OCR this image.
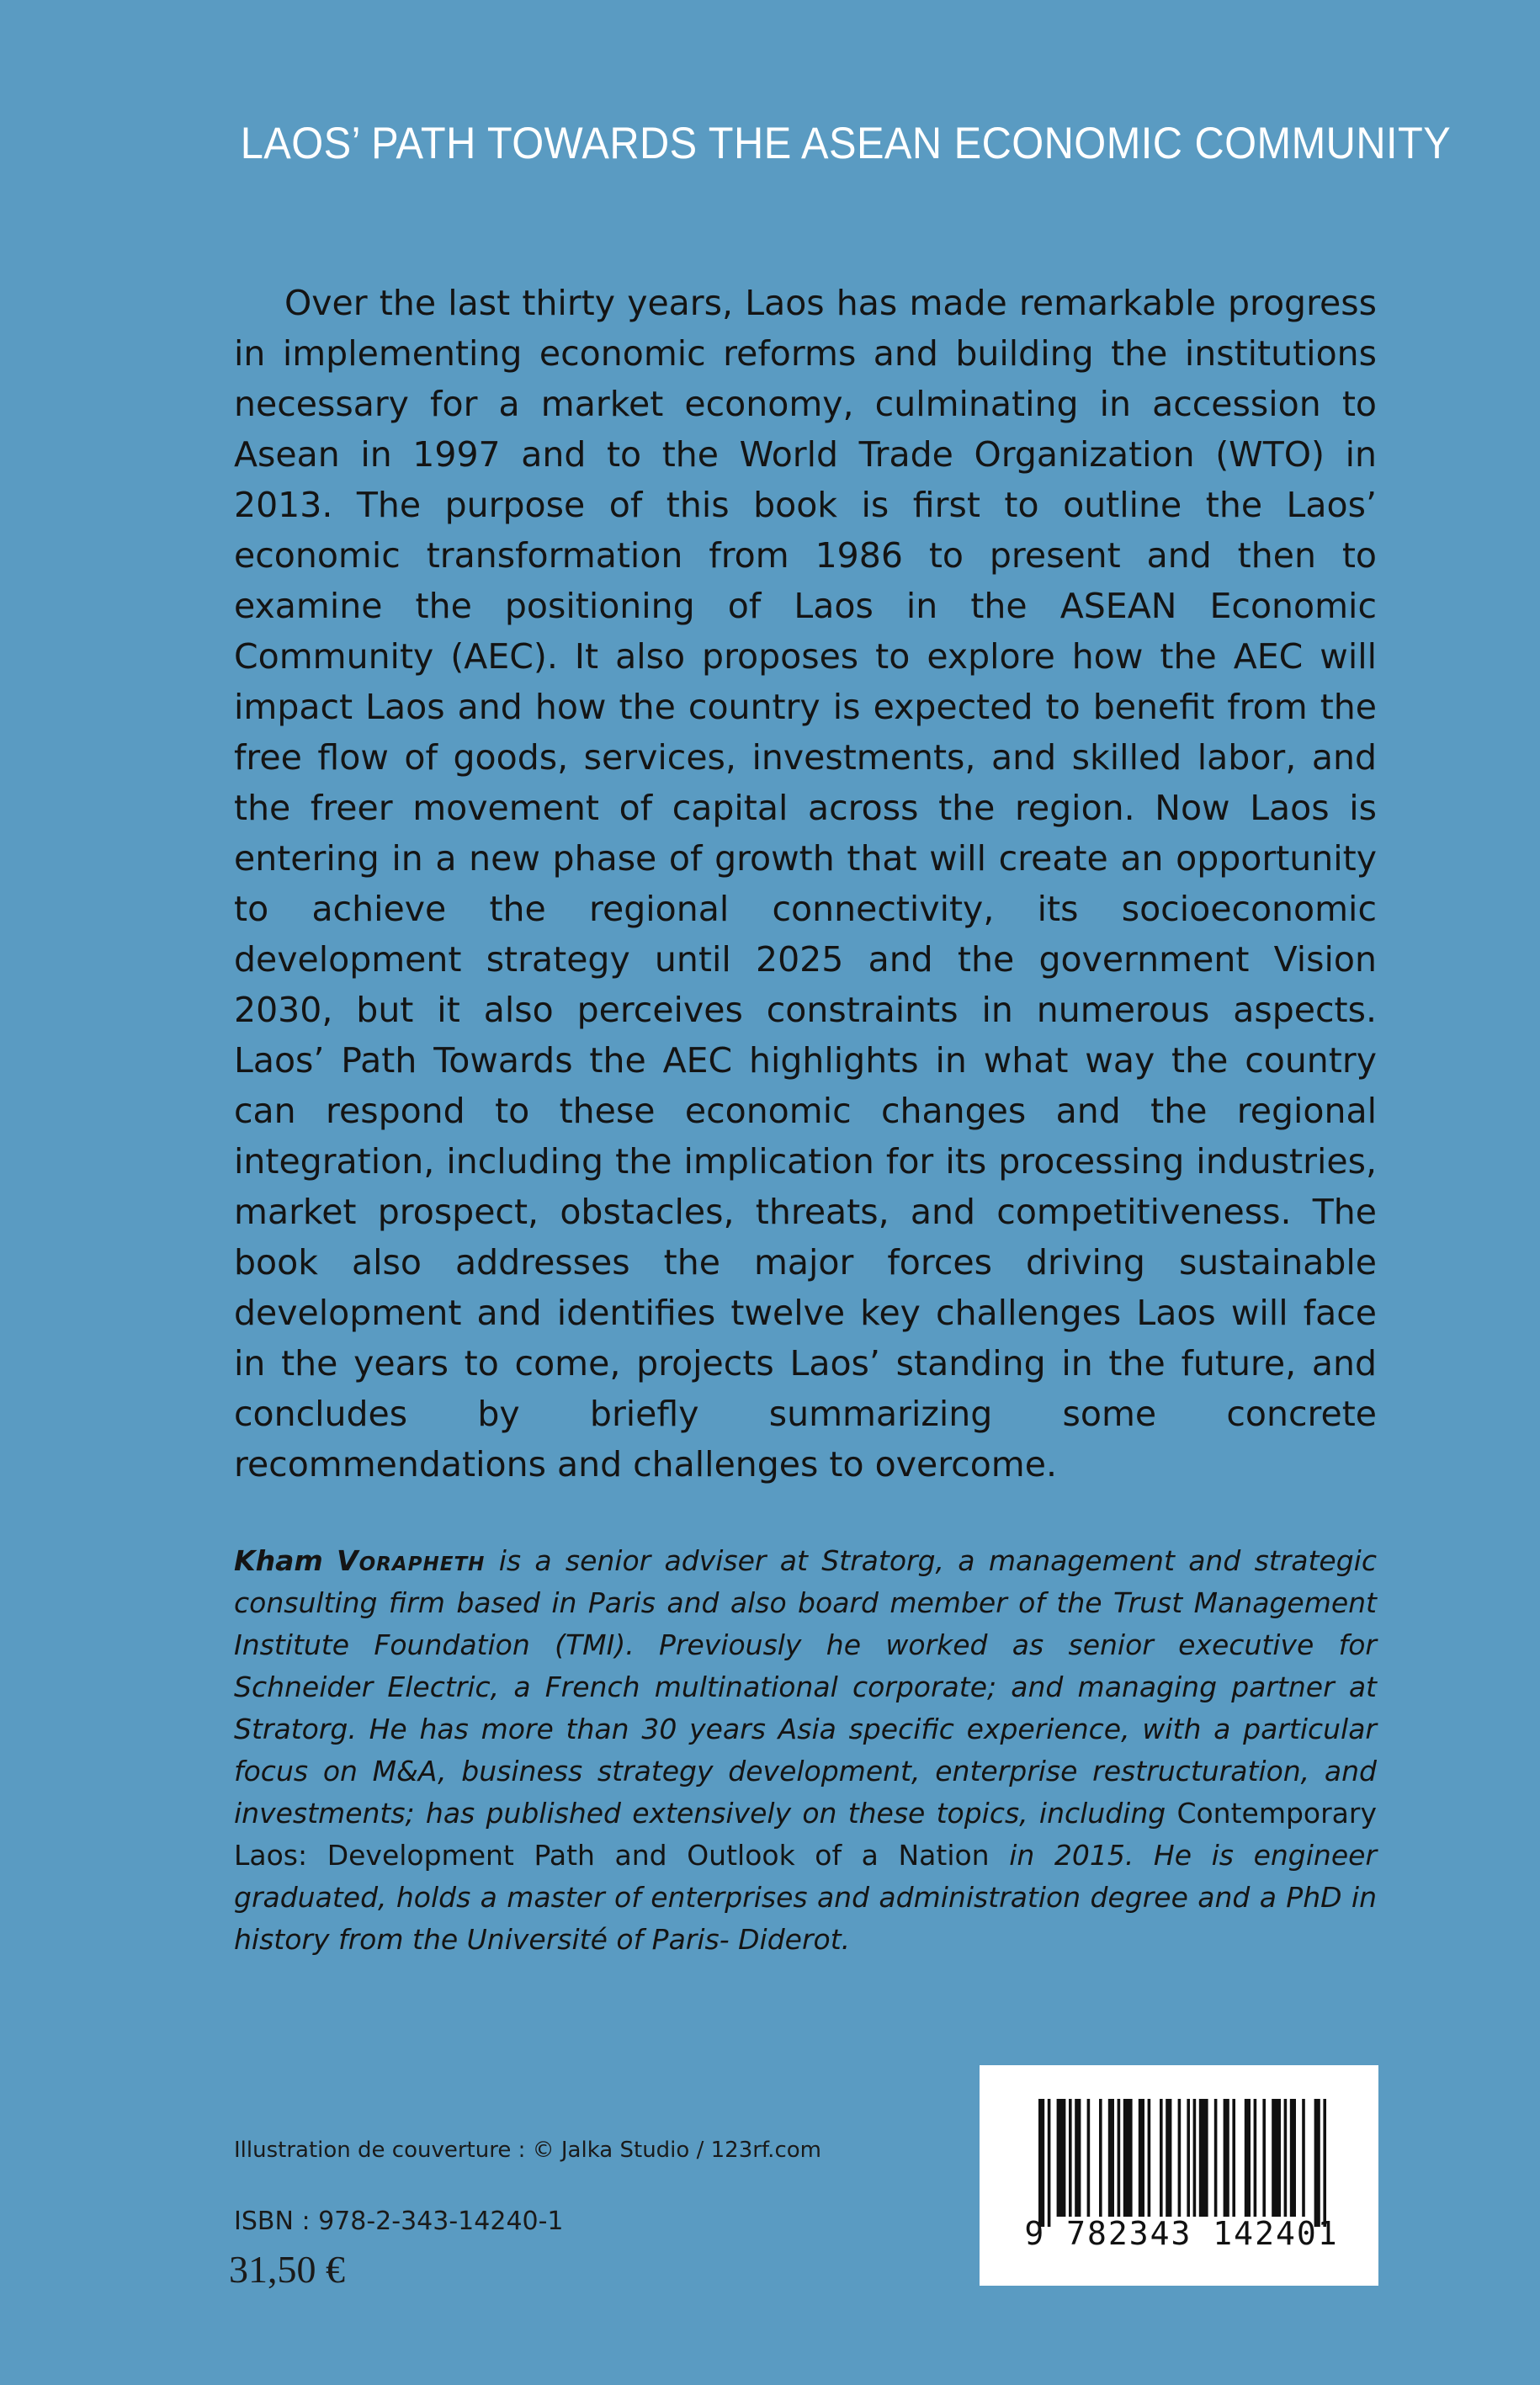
LAOS’ PATH TOWARDS THE ASEAN ECONOMIC COMMUNITY

Over the last thirty years, Laos has made remarkable progress in implementing economic reforms and building the institutions necessary for a market economy, culminating in accession to Asean in 1997 and to the World Trade Organization (WTO) in 2013. The purpose of this book is first to outline the Laos’ economic transformation from 1986 to present and then to examine the positioning of Laos in the ASEAN Economic Community (AEC). It also proposes to explore how the AEC will impact Laos and how the country is expected to benefit from the free flow of goods, services, investments, and skilled labor, and the freer movement of capital across the region. Now Laos is entering in a new phase of growth that will create an opportunity to achieve the regional connectivity, its socioeconomic development strategy until 2025 and the government Vision 2030, but it also perceives constraints in numerous aspects. Laos’ Path Towards the AEC highlights in what way the country can respond to these economic changes and the regional integration, including the implication for its processing industries, market prospect, obstacles, threats, and competitiveness. The book also addresses the major forces driving sustainable development and identifies twelve key challenges Laos will face in the years to come, projects Laos’ standing in the future, and concludes by briefly summarizing some concrete recommendations and challenges to overcome.

Kham Vorapheth is a senior adviser at Stratorg, a management and strategic consulting firm based in Paris and also board member of the Trust Management Institute Foundation (TMI). Previously he worked as senior executive for Schneider Electric, a French multinational corporate; and managing partner at Stratorg. He has more than 30 years Asia specific experience, with a particular focus on M&A, business strategy development, enterprise restructuration, and investments; has published extensively on these topics, including Contemporary Laos: Development Path and Outlook of a Nation in 2015. He is engineer graduated, holds a master of enterprises and administration degree and a PhD in history from the Université of Paris- Diderot.

Illustration de couverture : © Jalka Studio / 123rf.com
ISBN : 978-2-343-14240-1
31,50 €
9 782343 142401
